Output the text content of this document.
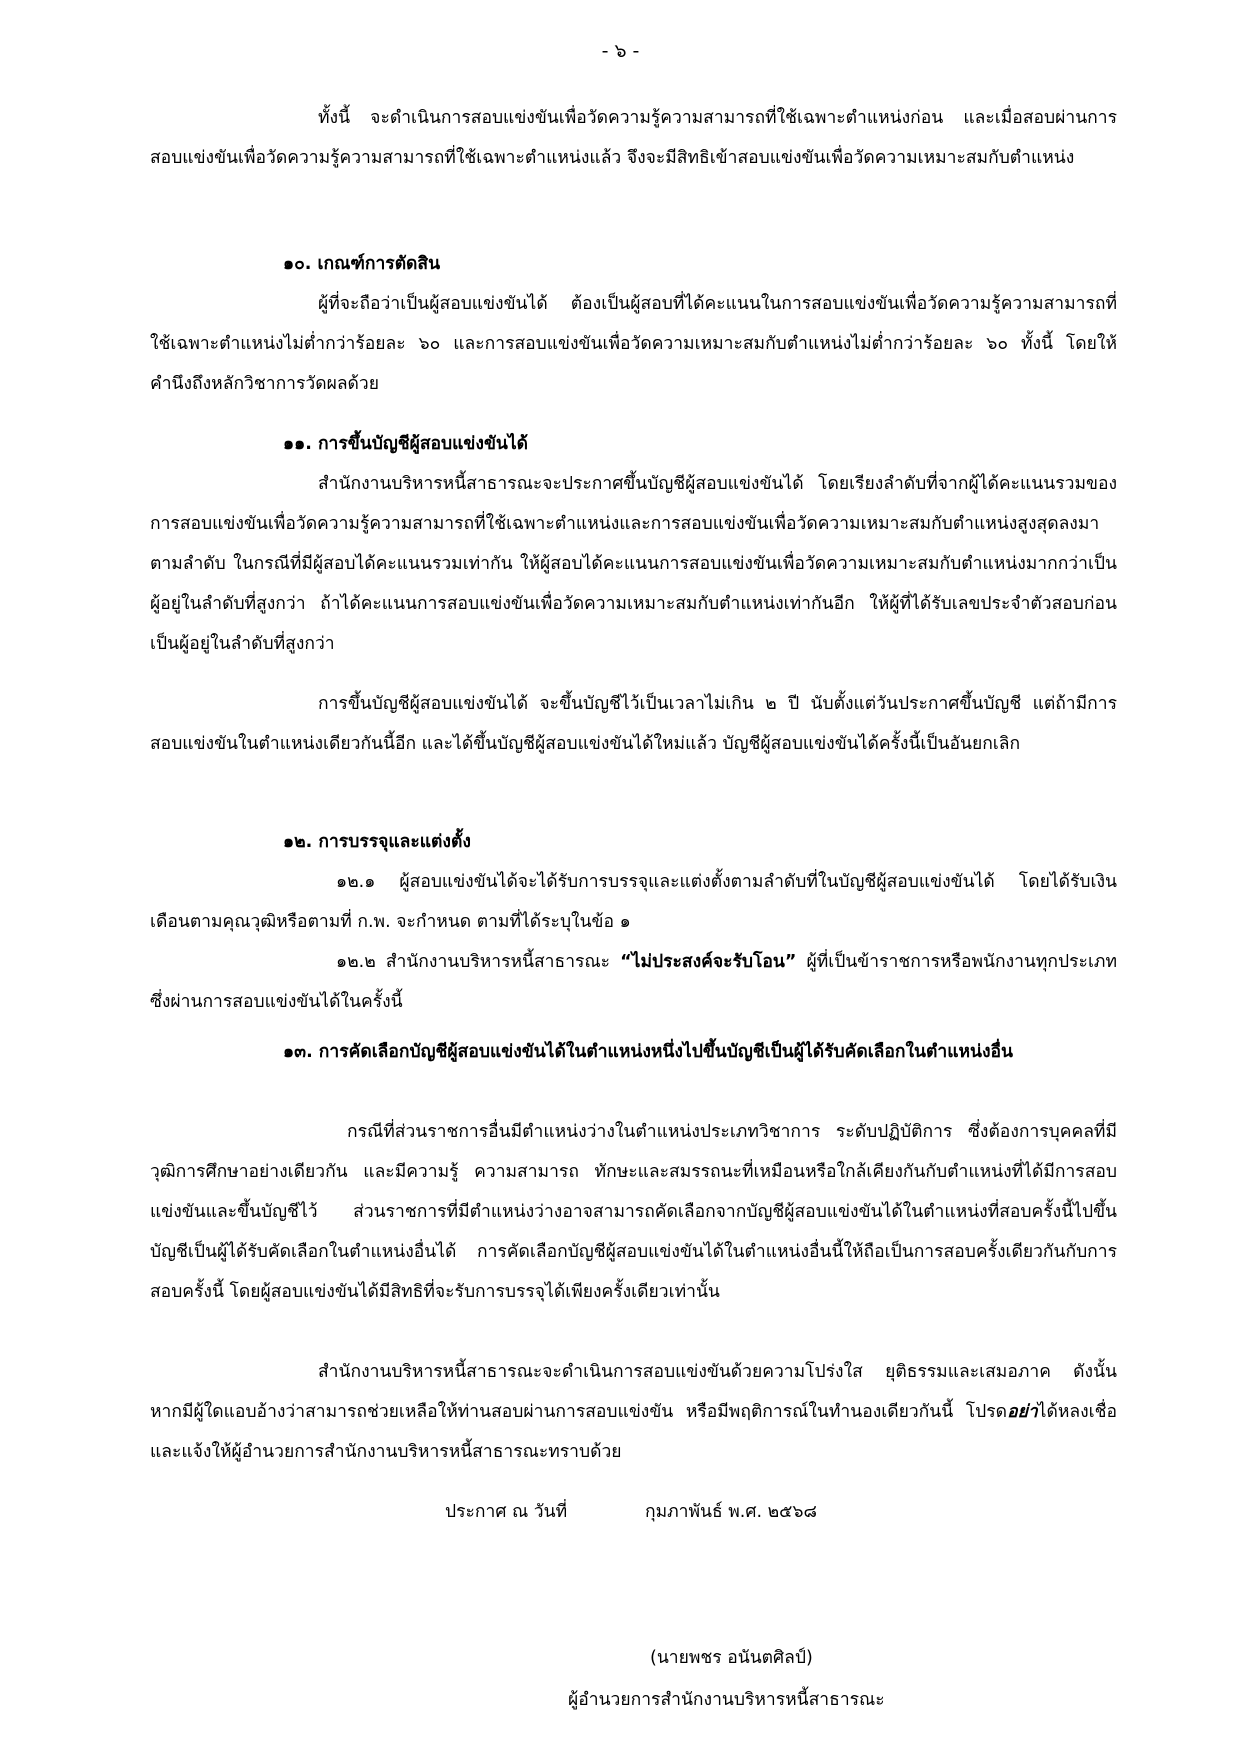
- ๖ -

ทั้งนี้ จะดำเนินการสอบแข่งขันเพื่อวัดความรู้ความสามารถที่ใช้เฉพาะตำแหน่งก่อน และเมื่อสอบผ่านการสอบแข่งขันเพื่อวัดความรู้ความสามารถที่ใช้เฉพาะตำแหน่งแล้ว จึงจะมีสิทธิเข้าสอบแข่งขันเพื่อวัดความเหมาะสมกับตำแหน่ง

๑๐. เกณฑ์การตัดสิน

ผู้ที่จะถือว่าเป็นผู้สอบแข่งขันได้ ต้องเป็นผู้สอบที่ได้คะแนนในการสอบแข่งขันเพื่อวัดความรู้ความสามารถที่ใช้เฉพาะตำแหน่งไม่ต่ำกว่าร้อยละ ๖๐ และการสอบแข่งขันเพื่อวัดความเหมาะสมกับตำแหน่งไม่ต่ำกว่าร้อยละ ๖๐ ทั้งนี้ โดยให้คำนึงถึงหลักวิชาการวัดผลด้วย

๑๑. การขึ้นบัญชีผู้สอบแข่งขันได้

สำนักงานบริหารหนี้สาธารณะจะประกาศขึ้นบัญชีผู้สอบแข่งขันได้ โดยเรียงลำดับที่จากผู้ได้คะแนนรวมของการสอบแข่งขันเพื่อวัดความรู้ความสามารถที่ใช้เฉพาะตำแหน่งและการสอบแข่งขันเพื่อวัดความเหมาะสมกับตำแหน่งสูงสุดลงมาตามลำดับ ในกรณีที่มีผู้สอบได้คะแนนรวมเท่ากัน ให้ผู้สอบได้คะแนนการสอบแข่งขันเพื่อวัดความเหมาะสมกับตำแหน่งมากกว่าเป็นผู้อยู่ในลำดับที่สูงกว่า ถ้าได้คะแนนการสอบแข่งขันเพื่อวัดความเหมาะสมกับตำแหน่งเท่ากันอีก ให้ผู้ที่ได้รับเลขประจำตัวสอบก่อนเป็นผู้อยู่ในลำดับที่สูงกว่า

การขึ้นบัญชีผู้สอบแข่งขันได้ จะขึ้นบัญชีไว้เป็นเวลาไม่เกิน ๒ ปี นับตั้งแต่วันประกาศขึ้นบัญชี แต่ถ้ามีการสอบแข่งขันในตำแหน่งเดียวกันนี้อีก และได้ขึ้นบัญชีผู้สอบแข่งขันได้ใหม่แล้ว บัญชีผู้สอบแข่งขันได้ครั้งนี้เป็นอันยกเลิก

๑๒. การบรรจุและแต่งตั้ง

๑๒.๑ ผู้สอบแข่งขันได้จะได้รับการบรรจุและแต่งตั้งตามลำดับที่ในบัญชีผู้สอบแข่งขันได้ โดยได้รับเงินเดือนตามคุณวุฒิหรือตามที่ ก.พ. จะกำหนด ตามที่ได้ระบุในข้อ ๑

๑๒.๒ สำนักงานบริหารหนี้สาธารณะ “ไม่ประสงค์จะรับโอน” ผู้ที่เป็นข้าราชการหรือพนักงานทุกประเภทซึ่งผ่านการสอบแข่งขันได้ในครั้งนี้

๑๓. การคัดเลือกบัญชีผู้สอบแข่งขันได้ในตำแหน่งหนึ่งไปขึ้นบัญชีเป็นผู้ได้รับคัดเลือกในตำแหน่งอื่น

กรณีที่ส่วนราชการอื่นมีตำแหน่งว่างในตำแหน่งประเภทวิชาการ ระดับปฏิบัติการ ซึ่งต้องการบุคคลที่มีวุฒิการศึกษาอย่างเดียวกัน และมีความรู้ ความสามารถ ทักษะและสมรรถนะที่เหมือนหรือใกล้เคียงกันกับตำแหน่งที่ได้มีการสอบแข่งขันและขึ้นบัญชีไว้ ส่วนราชการที่มีตำแหน่งว่างอาจสามารถคัดเลือกจากบัญชีผู้สอบแข่งขันได้ในตำแหน่งที่สอบครั้งนี้ไปขึ้นบัญชีเป็นผู้ได้รับคัดเลือกในตำแหน่งอื่นได้ การคัดเลือกบัญชีผู้สอบแข่งขันได้ในตำแหน่งอื่นนี้ให้ถือเป็นการสอบครั้งเดียวกันกับการสอบครั้งนี้ โดยผู้สอบแข่งขันได้มีสิทธิที่จะรับการบรรจุได้เพียงครั้งเดียวเท่านั้น

สำนักงานบริหารหนี้สาธารณะจะดำเนินการสอบแข่งขันด้วยความโปร่งใส ยุติธรรมและเสมอภาค ดังนั้น หากมีผู้ใดแอบอ้างว่าสามารถช่วยเหลือให้ท่านสอบผ่านการสอบแข่งขัน หรือมีพฤติการณ์ในทำนองเดียวกันนี้ โปรดอย่าได้หลงเชื่อ และแจ้งให้ผู้อำนวยการสำนักงานบริหารหนี้สาธารณะทราบด้วย

ประกาศ ณ วันที่	กุมภาพันธ์ พ.ศ. ๒๕๖๘
(นายพชร อนันตศิลป์)
ผู้อำนวยการสำนักงานบริหารหนี้สาธารณะ
